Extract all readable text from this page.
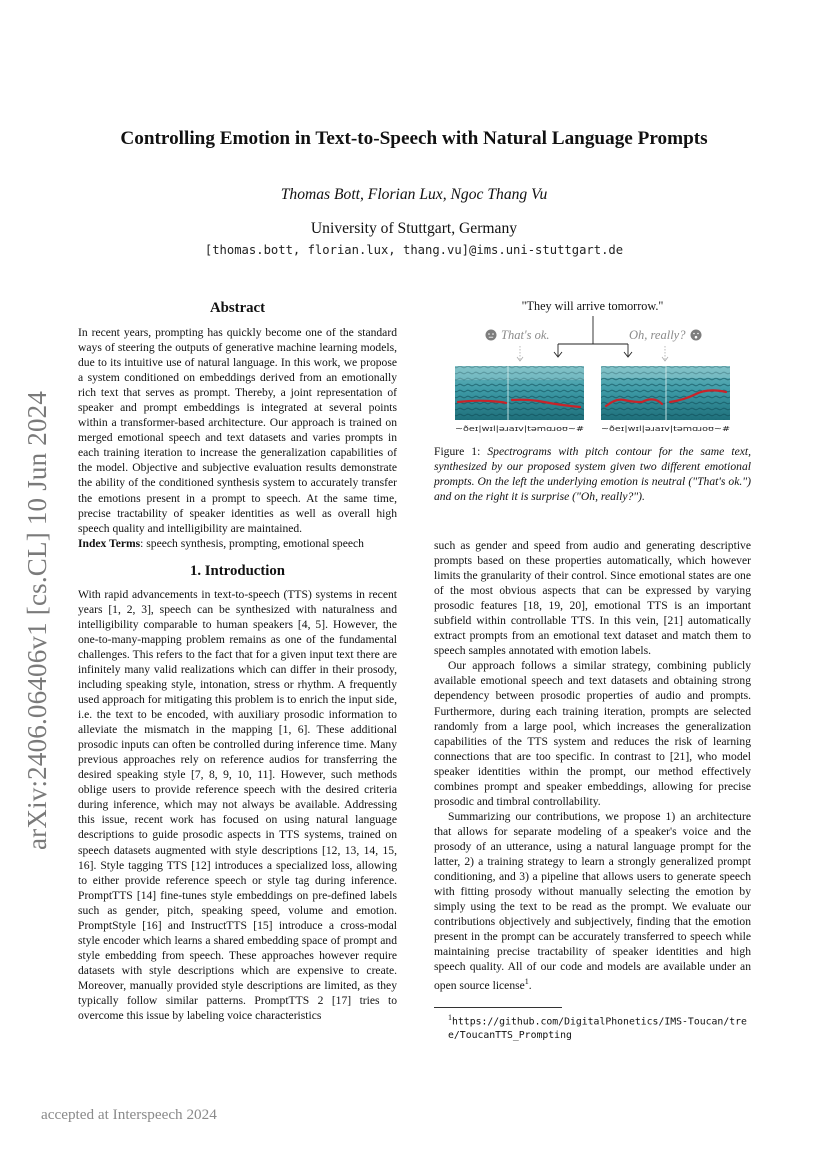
arXiv:2406.06406v1 [cs.CL] 10 Jun 2024
Controlling Emotion in Text-to-Speech with Natural Language Prompts
Thomas Bott, Florian Lux, Ngoc Thang Vu
University of Stuttgart, Germany
[thomas.bott, florian.lux, thang.vu]@ims.uni-stuttgart.de
Abstract
In recent years, prompting has quickly become one of the standard ways of steering the outputs of generative machine learning models, due to its intuitive use of natural language. In this work, we propose a system conditioned on embeddings derived from an emotionally rich text that serves as prompt. Thereby, a joint representation of speaker and prompt embeddings is integrated at several points within a transformer-based architecture. Our approach is trained on merged emotional speech and text datasets and varies prompts in each training iteration to increase the generalization capabilities of the model. Objective and subjective evaluation results demonstrate the ability of the conditioned synthesis system to accurately transfer the emotions present in a prompt to speech. At the same time, precise tractability of speaker identities as well as overall high speech quality and intelligibility are maintained.
Index Terms: speech synthesis, prompting, emotional speech
1. Introduction
With rapid advancements in text-to-speech (TTS) systems in recent years [1, 2, 3], speech can be synthesized with naturalness and intelligibility comparable to human speakers [4, 5]. However, the one-to-many-mapping problem remains as one of the fundamental challenges. This refers to the fact that for a given input text there are infinitely many valid realizations which can differ in their prosody, including speaking style, intonation, stress or rhythm. A frequently used approach for mitigating this problem is to enrich the input side, i.e. the text to be encoded, with auxiliary prosodic information to alleviate the mismatch in the mapping [1, 6]. These additional prosodic inputs can often be controlled during inference time. Many previous approaches rely on reference audios for transferring the desired speaking style [7, 8, 9, 10, 11]. However, such methods oblige users to provide reference speech with the desired criteria during inference, which may not always be available. Addressing this issue, recent work has focused on using natural language descriptions to guide prosodic aspects in TTS systems, trained on speech datasets augmented with style descriptions [12, 13, 14, 15, 16]. Style tagging TTS [12] introduces a specialized loss, allowing to either provide reference speech or style tag during inference. PromptTTS [14] fine-tunes style embeddings on pre-defined labels such as gender, pitch, speaking speed, volume and emotion. PromptStyle [16] and InstructTTS [15] introduce a cross-modal style encoder which learns a shared embedding space of prompt and style embedding from speech. These approaches however require datasets with style descriptions which are expensive to create. Moreover, manually provided style descriptions are limited, as they typically follow similar patterns. PromptTTS 2 [17] tries to overcome this issue by labeling voice characteristics
"They will arrive tomorrow."
That's ok.	Oh, really?
~ðeɪ|wɪl|əɹaɪv|təmɑɹoʊ~# ~ðeɪ|wɪl|əɹaɪv|təmɑɹoʊ~#
Figure 1: Spectrograms with pitch contour for the same text, synthesized by our proposed system given two different emotional prompts. On the left the underlying emotion is neutral ("That's ok.") and on the right it is surprise ("Oh, really?").
such as gender and speed from audio and generating descriptive prompts based on these properties automatically, which however limits the granularity of their control. Since emotional states are one of the most obvious aspects that can be expressed by varying prosodic features [18, 19, 20], emotional TTS is an important subfield within controllable TTS. In this vein, [21] automatically extract prompts from an emotional text dataset and match them to speech samples annotated with emotion labels.
Our approach follows a similar strategy, combining publicly available emotional speech and text datasets and obtaining strong dependency between prosodic properties of audio and prompts. Furthermore, during each training iteration, prompts are selected randomly from a large pool, which increases the generalization capabilities of the TTS system and reduces the risk of learning connections that are too specific. In contrast to [21], who model speaker identities within the prompt, our method effectively combines prompt and speaker embeddings, allowing for precise prosodic and timbral controllability.
Summarizing our contributions, we propose 1) an architecture that allows for separate modeling of a speaker's voice and the prosody of an utterance, using a natural language prompt for the latter, 2) a training strategy to learn a strongly generalized prompt conditioning, and 3) a pipeline that allows users to generate speech with fitting prosody without manually selecting the emotion by simply using the text to be read as the prompt. We evaluate our contributions objectively and subjectively, finding that the emotion present in the prompt can be accurately transferred to speech while maintaining precise tractability of speaker identities and high speech quality. All of our code and models are available under an open source license$^1$.
$^1$https://github.com/DigitalPhonetics/IMS-Toucan/tree/ToucanTTS_Prompting
accepted at Interspeech 2024
